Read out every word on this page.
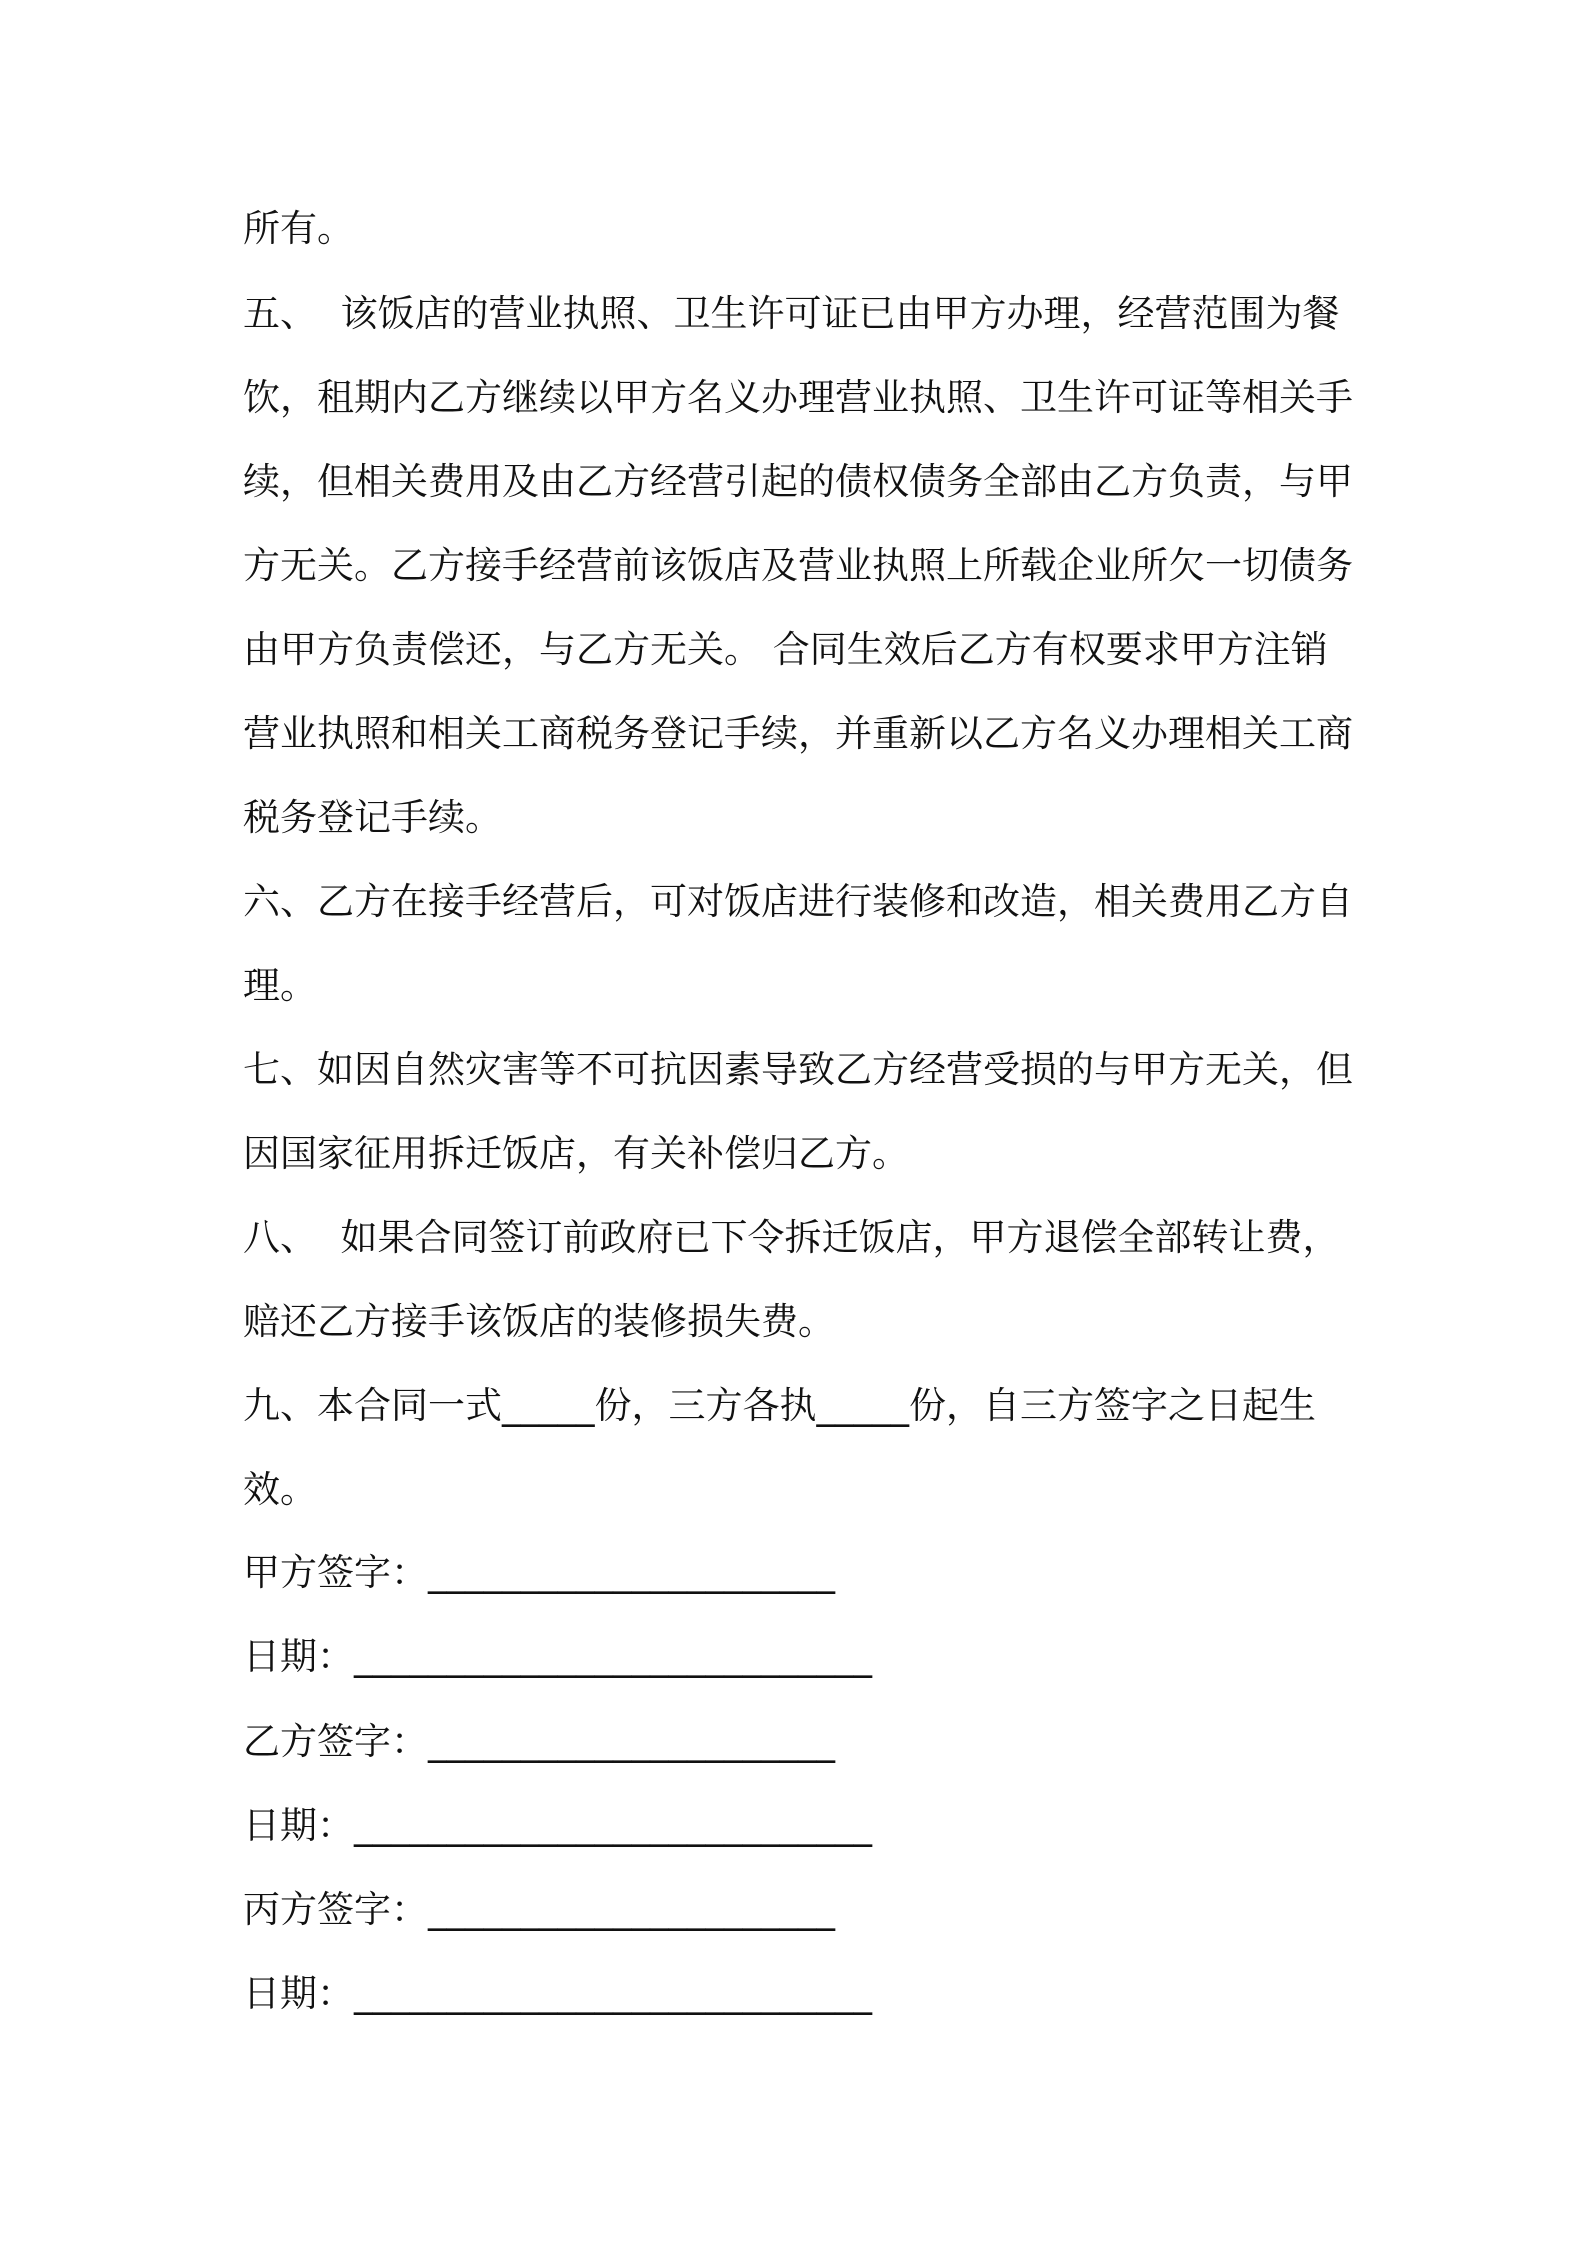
所有。
五、  该饭店的营业执照、卫生许可证已由甲方办理，经营范围为餐
饮，租期内乙方继续以甲方名义办理营业执照、卫生许可证等相关手
续，但相关费用及由乙方经营引起的债权债务全部由乙方负责，与甲
方无关。乙方接手经营前该饭店及营业执照上所载企业所欠一切债务
由甲方负责偿还，与乙方无关。 合同生效后乙方有权要求甲方注销
营业执照和相关工商税务登记手续，并重新以乙方名义办理相关工商
税务登记手续。
六、乙方在接手经营后，可对饭店进行装修和改造，相关费用乙方自
理。
七、如因自然灾害等不可抗因素导致乙方经营受损的与甲方无关，但
因国家征用拆迁饭店，有关补偿归乙方。
八、  如果合同签订前政府已下令拆迁饭店，甲方退偿全部转让费，
赔还乙方接手该饭店的装修损失费。
九、本合同一式_____份，三方各执_____份，自三方签字之日起生
效。
甲方签字：______________________
日期：____________________________
乙方签字：______________________
日期：____________________________
丙方签字：______________________
日期：____________________________
